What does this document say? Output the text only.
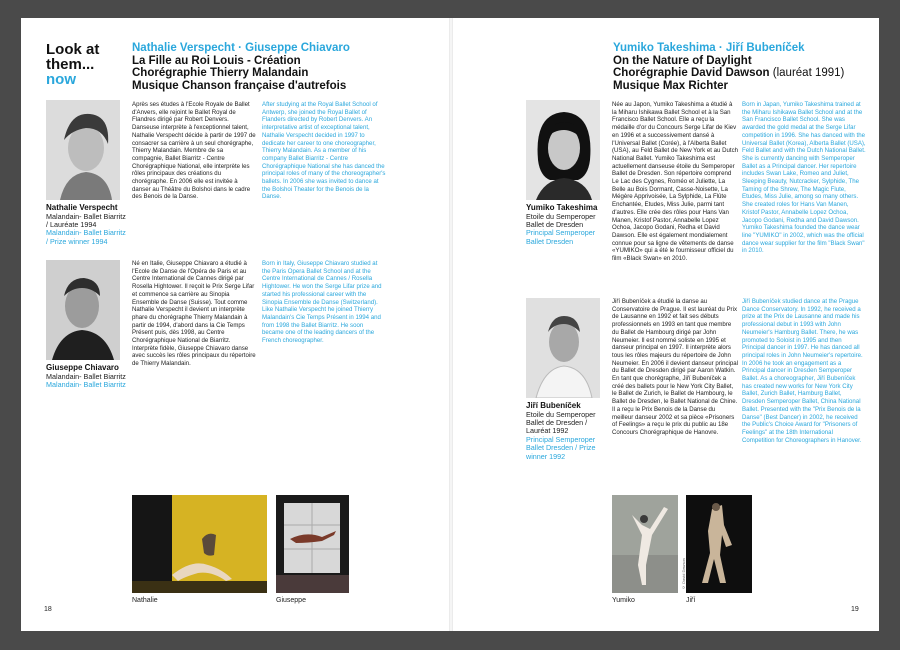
Look at them...
now
Nathalie Verspecht · Giuseppe Chiavaro
La Fille au Roi Louis - Création
Chorégraphie Thierry Malandain
Musique Chanson française d'autrefois
Nathalie Verspecht
Malandain- Ballet Biarritz / Lauréate 1994
Malandain- Ballet Biarritz / Prize winner 1994
Après ses études à l'Ecole Royale de Ballet d'Anvers, elle rejoint le Ballet Royal de Flandres dirigé par Robert Denvers. Danseuse interprète à l'exceptionnel talent, Nathalie Verspecht décide à partir de 1997 de consacrer sa carrière à un seul chorégraphe, Thierry Malandain. Membre de sa compagnie, Ballet Biarritz - Centre Chorégraphique National, elle interprète les rôles principaux des créations du chorégraphe. En 2006 elle est invitée à danser au Théâtre du Bolshoi dans le cadre des Benois de la Danse.
After studying at the Royal Ballet School of Antwerp, she joined the Royal Ballet of Flanders directed by Robert Denvers. An interpretative artist of exceptional talent, Nathalie Verspecht decided in 1997 to dedicate her career to one choreographer, Thierry Malandain. As a member of his company Ballet Biarritz - Centre Chorégraphique National she has danced the principal roles of many of the choreographer's ballets. In 2006 she was invited to dance at the Bolshoi Theater for the Benois de la Danse.
Giuseppe Chiavaro
Malandain- Ballet Biarritz
Malandain- Ballet Biarritz
Né en Italie, Giuseppe Chiavaro a étudié à l'Ecole de Danse de l'Opéra de Paris et au Centre International de Cannes dirigé par Rosella Hightower. Il reçoit le Prix Serge Lifar et commence sa carrière au Sinopia Ensemble de Danse (Suisse). Tout comme Nathalie Verspecht il devient un interprète phare du chorégraphe Thierry Malandain à partir de 1994, d'abord dans la Cie Temps Présent puis, dès 1998, au Centre Chorégraphique National de Biarritz. Interprète fidèle, Giuseppe Chiavaro danse avec succès les rôles principaux du répertoire de Thierry Malandain.
Born in Italy, Giuseppe Chiavaro studied at the Paris Opera Ballet School and at the Centre International de Cannes / Rosella Hightower. He won the Serge Lifar prize and started his professional career with the Sinopia Ensemble de Danse (Switzerland). Like Nathalie Verspecht he joined Thierry Malandain's Cie Temps Présent in 1994 and from 1998 the Ballet Biarritz. He soon became one of the leading dancers of the French choreographer.
Nathalie	Giuseppe
18
Yumiko Takeshima · Jiří Bubeníček
On the Nature of Daylight
Chorégraphie David Dawson (lauréat 1991)
Musique Max Richter
Yumiko Takeshima
Etoile du Semperoper Ballet de Dresden
Principal Semperoper Ballet Dresden
Née au Japon, Yumiko Takeshima a étudié à la Miharu Ishikawa Ballet School et à la San Francisco Ballet School. Elle a reçu la médaille d'or du Concours Serge Lifar de Kiev en 1996 et a successivement dansé à l'Universal Ballet (Corée), à l'Alberta Ballet (USA), au Feld Ballet de New York et au Dutch National Ballet. Yumiko Takeshima est actuellement danseuse étoile du Semperoper Ballet de Dresden. Son répertoire comprend Le Lac des Cygnes, Roméo et Juliette, La Belle au Bois Dormant, Casse-Noisette, La Mégère Apprivoisée, La Sylphide, La Flûte Enchantée, Etudes, Miss Julie, parmi tant d'autres. Elle crée des rôles pour Hans Van Manen, Kristof Pastor, Annabelle Lopez Ochoa, Jacopo Godani, Redha et David Dawson. Elle est également mondialement connue pour sa ligne de vêtements de danse «YUMIKO» qui a été le fournisseur officiel du film «Black Swan» en 2010.
Born in Japan, Yumiko Takeshima trained at the Miharu Ishikawa Ballet School and at the San Francisco Ballet School. She was awarded the gold medal at the Serge Lifar competition in 1996. She has danced with the Universal Ballet (Korea), Alberta Ballet (USA), Feld Ballet and with the Dutch National Ballet. She is currently dancing with Semperoper Ballet as a Principal dancer. Her repertoire includes Swan Lake, Romeo and Juliet, Sleeping Beauty, Nutcracker, Sylphide, The Taming of the Shrew, The Magic Flute, Etudes, Miss Julie, among so many others. She created roles for Hans Van Manen, Kristof Pastor, Annabelle Lopez Ochoa, Jacopo Godani, Redha and David Dawson. Yumiko Takeshima founded the dance wear line "YUMIKO" in 2002, which was the official dance wear supplier for the film "Black Swan" in 2010.
Jiří Bubeníček
Etoile du Semperoper Ballet de Dresden / Lauréat 1992
Principal Semperoper Ballet Dresden / Prize winner 1992
Jiří Bubeníček a étudié la danse au Conservatoire de Prague. Il est lauréat du Prix de Lausanne en 1992 et fait ses débuts professionnels en 1993 en tant que membre du Ballet de Hambourg dirigé par John Neumeier. Il est nommé soliste en 1995 et danseur principal en 1997. Il interprète alors tous les rôles majeurs du répertoire de John Neumeier. En 2006 il devient danseur principal du Ballet de Dresden dirigé par Aaron Watkin. En tant que chorégraphe, Jiří Bubeníček a créé des ballets pour le New York City Ballet, le Ballet de Zurich, le Ballet de Hambourg, le Ballet de Dresden, le Ballet National de Chine. Il a reçu le Prix Benois de la Danse du meilleur danseur 2002 et sa pièce «Prisoners of Feelings» a reçu le prix du public au 18e Concours Chorégraphique de Hanovre.
Jiří Bubeníček studied dance at the Prague Dance Conservatory. In 1992, he received a prize at the Prix de Lausanne and made his professional debut in 1993 with John Neumeier's Hamburg Ballet. There, he was promoted to Soloist in 1995 and then Principal dancer in 1997. He has danced all principal roles in John Neumeier's repertoire. In 2006 he took an engagement as a Principal dancer in Dresden Semperoper Ballet. As a choreographer, Jiří Bubeníček has created new works for New York City Ballet, Zurich Ballet, Hamburg Ballet, Dresden Semperoper Ballet, China National Ballet. Presented with the "Prix Benois de la Danse" (Best Dancer) in 2002, he received the Public's Choice Award for "Prisoners of Feelings" at the 18th International Competition for Choreographers in Hanover.
© David Dawson
Yumiko	Jiří
19
